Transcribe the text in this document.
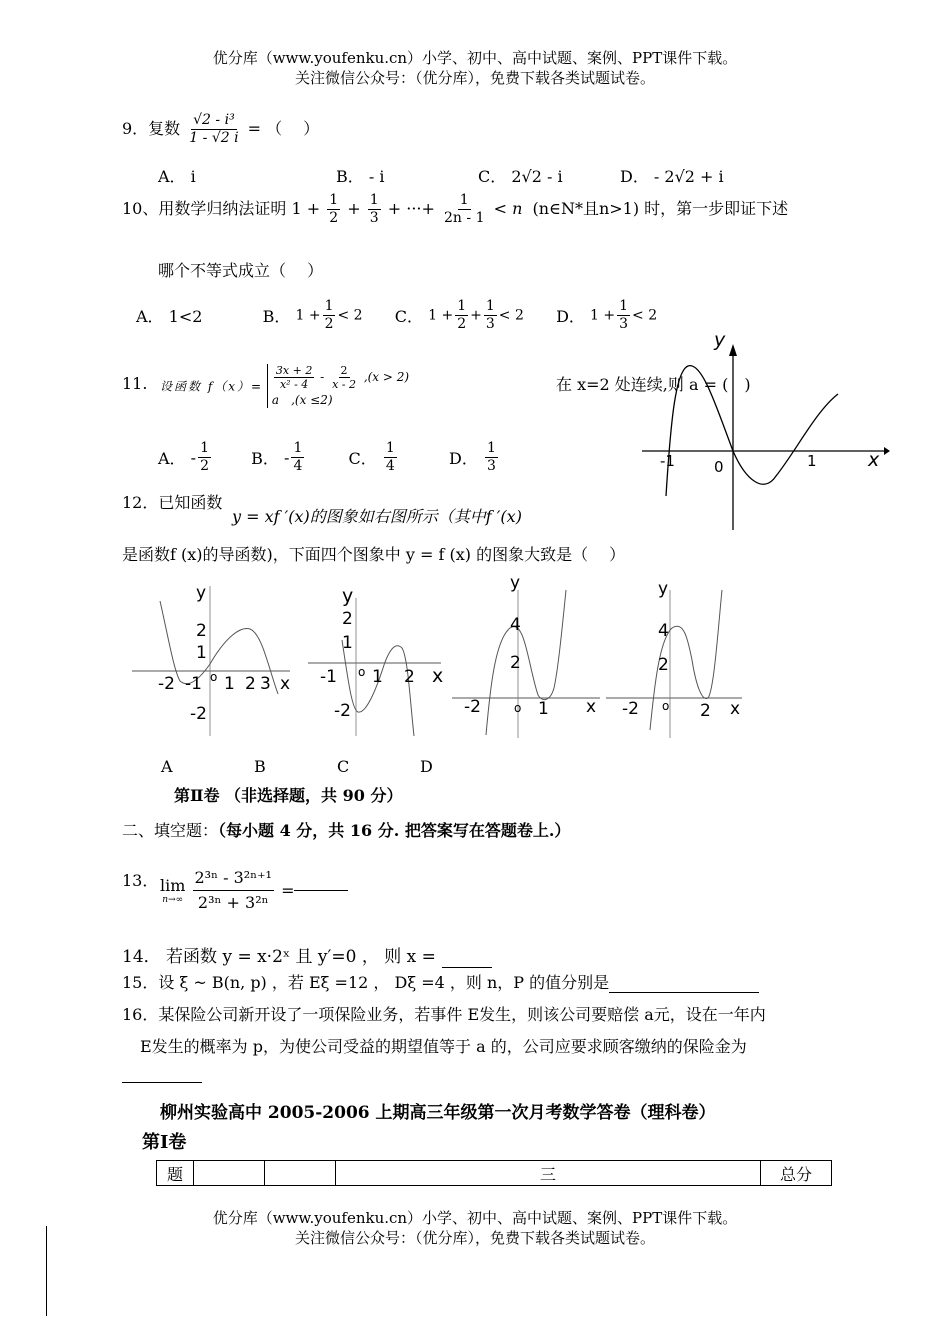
优分库（www.youfenku.cn）小学、初中、高中试题、案例、PPT课件下载。
关注微信公众号：（优分库），免费下载各类试题试卷。
9．复数 $\frac{\text{√2 - i³}}{1 - √2 i}$ = （　 ）
A． i	B． - i	C． 2√2 - i	D． - 2√2 + i
10、用数学归纳法证明 $1 + \frac{1}{2} + \frac{1}{3}$ + ···+ $\frac{1}{2n - 1} < n$ (n∈N*且n>1) 时，第一步即证下述
哪个不等式成立（　 ）
A． 1<2	B． $1 + \frac{1}{2} < 2$ C． $1 + \frac{1}{2} + \frac{1}{3} < 2$ D． $1 + \frac{1}{3} < 2$
11. 设函数 $f(x)= \frac{3x + 2}{\text{x² - 4}} - \frac{2}{x - 2} ,(x > 2)$
a　,(x ≤2)
在 x=2 处连续,则 a = (　)
A． - $\frac{1}{2}$	B． - $\frac{1}{4}$	C． $\frac{1}{4}$	D． $\frac{1}{3}$
y
x
-1	0	1
12．已知函数
y = xf ′(x)的图象如右图所示（其中f ′(x)
是函数f (x)的导函数)，下面四个图象中 y = f (x) 的图象大致是（　 ）
y
2
1
-2
-2 -1 o 1 2 3 x
y
2
1
-2
-1 o 1 2 x
y
4
2
-2	o 1 x
y
4
2
-2 o 2 x
A	B	C	D
第Ⅱ卷 （非选择题，共 90 分）
二、填空题：（每小题 4 分，共 16 分. 把答案写在答题卷上.）
13． lim
n→∞
$\frac{\text{2³ⁿ - 3²ⁿ⁺¹}}{\text{2³ⁿ + 3²ⁿ}}$ =
14． 若函数 y = x·2ˣ 且 y′=0 ， 则 x =
15．设 ξ ~ B(n, p) ，若 Eξ =12 ， Dξ =4 ，则 n，P 的值分别是
16．某保险公司新开设了一项保险业务，若事件 E发生，则该公司要赔偿 a元，设在一年内
E发生的概率为 p，为使公司受益的期望值等于 a 的，公司应要求顾客缴纳的保险金为
柳州实验高中 2005-2006 上期高三年级第一次月考数学答卷（理科卷）
第Ⅰ卷
题			三	总分
优分库（www.youfenku.cn）小学、初中、高中试题、案例、PPT课件下载。
关注微信公众号：（优分库），免费下载各类试题试卷。
